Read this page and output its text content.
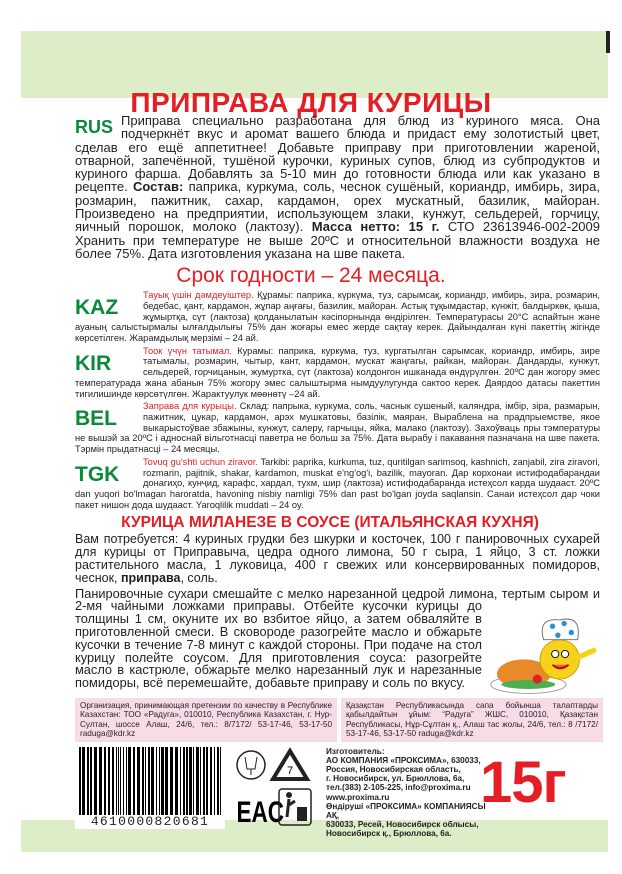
ПРИПРАВА ДЛЯ КУРИЦЫ
RUS Приправа специально разработана для блюд из куриного мяса. Она подчеркнёт вкус и аромат вашего блюда и придаст ему золотистый цвет, сделав его ещё аппетитнее! Добавьте приправу при приготовлении жареной, отварной, запечённой, тушёной курочки, куриных супов, блюд из субпродуктов и куриного фарша. Добавлять за 5-10 мин до готовности блюда или как указано в рецепте. Состав: паприка, куркума, соль, чеснок сушёный, кориандр, имбирь, зира, розмарин, пажитник, сахар, кардамон, орех мускатный, базилик, майоран. Произведено на предприятии, использующем злаки, кунжут, сельдерей, горчицу, яичный порошок, молоко (лактозу). Масса нетто: 15 г. СТО 23613946-002-2009 Хранить при температуре не выше 20ºС и относительной влажности воздуха не более 75%. Дата изготовления указана на шве пакета.
Срок годности – 24 месяца.
KAZ
Тауық үшін дәмдеуіштер. Құрамы: паприка, күркүма, туз, сарымсақ, кориандр, имбирь, зира, розмарин, бедебас, қант, кардамон, жұпар аңғағы, базилик, майоран. Астық тұқымдастар, күнжіт, балдыркөк, қыша, жұмыртқа, сүт (лактоза) қолданылатын кәсіпорнында өндірілген. Температурасы 20°С аспайтын және ауаның салыстырмалы ылғалдылығы 75% дан жоғары емес жерде сақтау керек. Дайындалған күні пакеттің жігінде көрсетілген. Жарамдылық мерзімі – 24 ай.
KIR
Тоок үчүн татымал. Курамы: паприка, куркума, туз, кургатылган сарымсак, кориандр, имбирь, зире татымалы, розмарин, чытыр, кант, кардамон, мускат жаңгагы, райкан, майоран. Дандарды, кунжут, сельдерей, горчицанын, жумуртка, сүт (лактоза) колдонгон ишканада өндүрүлгөн. 20ºС дан жогору эмес температурада жана абанын 75% жогору эмес салыштырма нымдуулугунда сактоо керек. Даярдоо датасы пакеттин тигилишинде көрсөтүлгөн. Жарактуулук мөөнөтү –24 ай.
BEL
Заправа для курыцы. Склад: папрыка, куркума, соль, часнык сушеный, каляндра, імбір, зіра, размарын, пажитник, цукар, кардамон, арэх мушкатовы, базілік, маяран. Выраблена на прадпрыемстве, якое выкарыстоўвае збажыны, кунжут, салеру, гарчыцы, яйка, малако (лактозу). Захоўваць пры тэмпературы не вышэй за 20ºС і адноснай вільготнасці паветра не больш за 75%. Дата вырабу і пакавання пазначана на шве пакета. Тэрмін прыдатнасці – 24 месяцы.
TGK
Tovuq gu'shti uchun ziravor. Tarkibi: paprika, kurkuma, tuz, quritilgan sarimsoq, kashnich, zanjabil, zira ziravori, rozmarin, pajitnik, shakar, kardamon, muskat e'ng'og'i, bazilik, mayoran. Дар корхонаи истифодабарандаи донагиҳо, кунҷид, карафс, хардал, тухм, шир (лактоза) истифодабаранда истеҳсол карда шудааст. 20ºC dan yuqori bo'lmagan haroratda, havoning nisbiy namligi 75% dan past bo'lgan joyda saqlansin. Санаи истеҳсол дар чоки пакет нишон дода шудааст. Yaroqlilik muddati – 24 oy.
КУРИЦА МИЛАНЕЗЕ В СОУСЕ (ИТАЛЬЯНСКАЯ КУХНЯ)
Вам потребуется: 4 куриных грудки без шкурки и косточек, 100 г панировочных сухарей для курицы от Приправыча, цедра одного лимона, 50 г сыра, 1 яйцо, 3 ст. ложки растительного масла, 1 луковица, 400 г свежих или консервированных помидоров, чеснок, приправа, соль.
Панировочные сухари смешайте с мелко нарезанной цедрой лимона, тертым сыром и 2-мя чайными ложками приправы. Отбейте кусочки курицы до толщины 1 см, окуните их во взбитое яйцо, а затем обваляйте в приготовленной смеси. В сковороде разогрейте масло и обжарьте кусочки в течение 7-8 минут с каждой стороны. При подаче на стол курицу полейте соусом. Для приготовления соуса: разогрейте масло в кастрюле, обжарьте мелко нарезанный лук и нарезанные помидоры, всё перемешайте, добавьте приправу и соль по вкусу.
Организация, принимающая претензии по качеству в Республике Казахстан: ТОО «Радуга», 010010, Республика Казахстан, г. Нур-Султан, шоссе Алаш, 24/6, тел.: 8/7172/ 53-17-46, 53-17-50 raduga@kdr.kz
Қазақстан Республикасында сапа бойынша талаптарды қабылдайтын ұйым: “Радуга” ЖШС, 010010, Қазақстан Республикасы, Нұр-Сұлтан қ., Алаш тас жолы, 24/6, тел.: 8 /7172/ 53-17-46, 53-17-50 raduga@kdr.kz
4610000820681
7
EAC
Изготовитель:
АО КОМПАНИЯ «ПРОКСИМА», 630033,
Россия, Новосибирская область,
г. Новосибирск, ул. Брюллова, 6а,
тел.(383) 2-105-225, info@proxima.ru
www.proxima.ru
Өндіруші «ПРОКСИМА» КОМПАНИЯСЫ АҚ,
630033, Ресей, Новосибирск облысы,
Новосибирск қ., Брюллова, 6а.
15г
